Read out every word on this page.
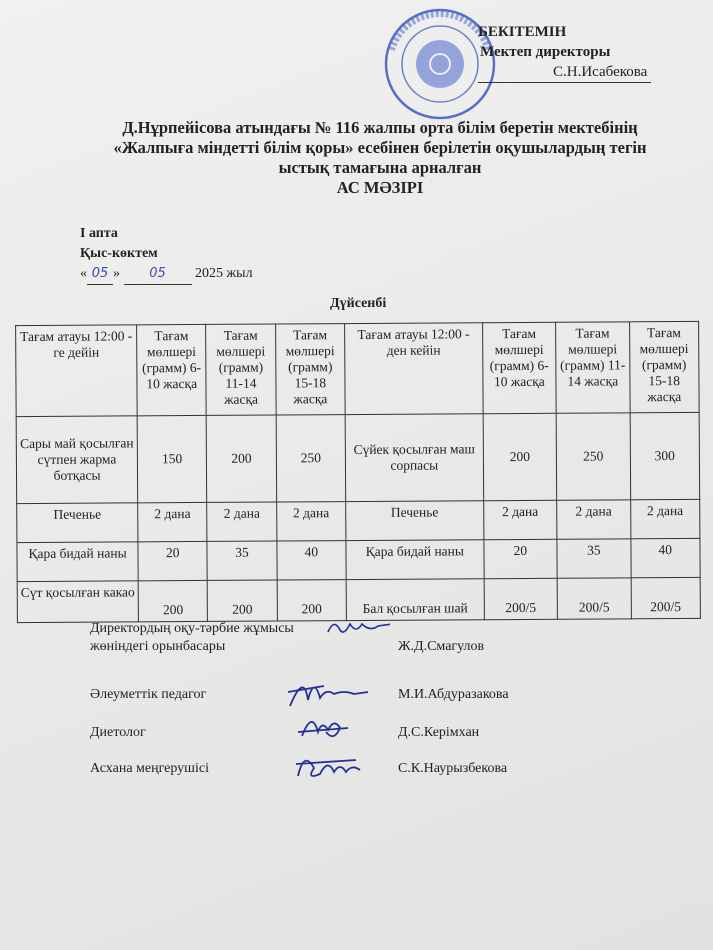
БЕКІТЕМІН
Мектеп директоры
С.Н.Исабекова
Д.Нұрпейісова атындағы № 116 жалпы орта білім беретін мектебінің
«Жалпыға міндетті білім қоры» есебінен берілетін оқушылардың тегін
ыстық тамағына арналған
АС МӘЗІРІ
I апта
Қыс-көктем
« 05 » 05 2025 жыл
Дүйсенбі
Тағам атауы 12:00 - ге дейін	Тағам мөлшері (грамм) 6-10 жасқа	Тағам мөлшері (грамм) 11-14 жасқа	Тағам мөлшері (грамм) 15-18 жасқа	Тағам атауы 12:00 - ден кейін	Тағам мөлшері (грамм) 6-10 жасқа	Тағам мөлшері (грамм) 11-14 жасқа	Тағам мөлшері (грамм) 15-18 жасқа
Сары май қосылған сүтпен жарма ботқасы	150	200	250	Сүйек қосылған маш сорпасы	200	250	300
Печенье	2 дана	2 дана	2 дана	Печенье	2 дана	2 дана	2 дана
Қара бидай наны	20	35	40	Қара бидай наны	20	35	40
Сүт қосылған какао	200	200	200	Бал қосылған шай	200/5	200/5	200/5
Директордың оқу-тәрбие жұмысы
жөніндегі орынбасары	Ж.Д.Смагулов
Әлеуметтік педагог	М.И.Абдуразакова
Диетолог	Д.С.Керімхан
Асхана меңгерушісі	С.К.Наурызбекова
